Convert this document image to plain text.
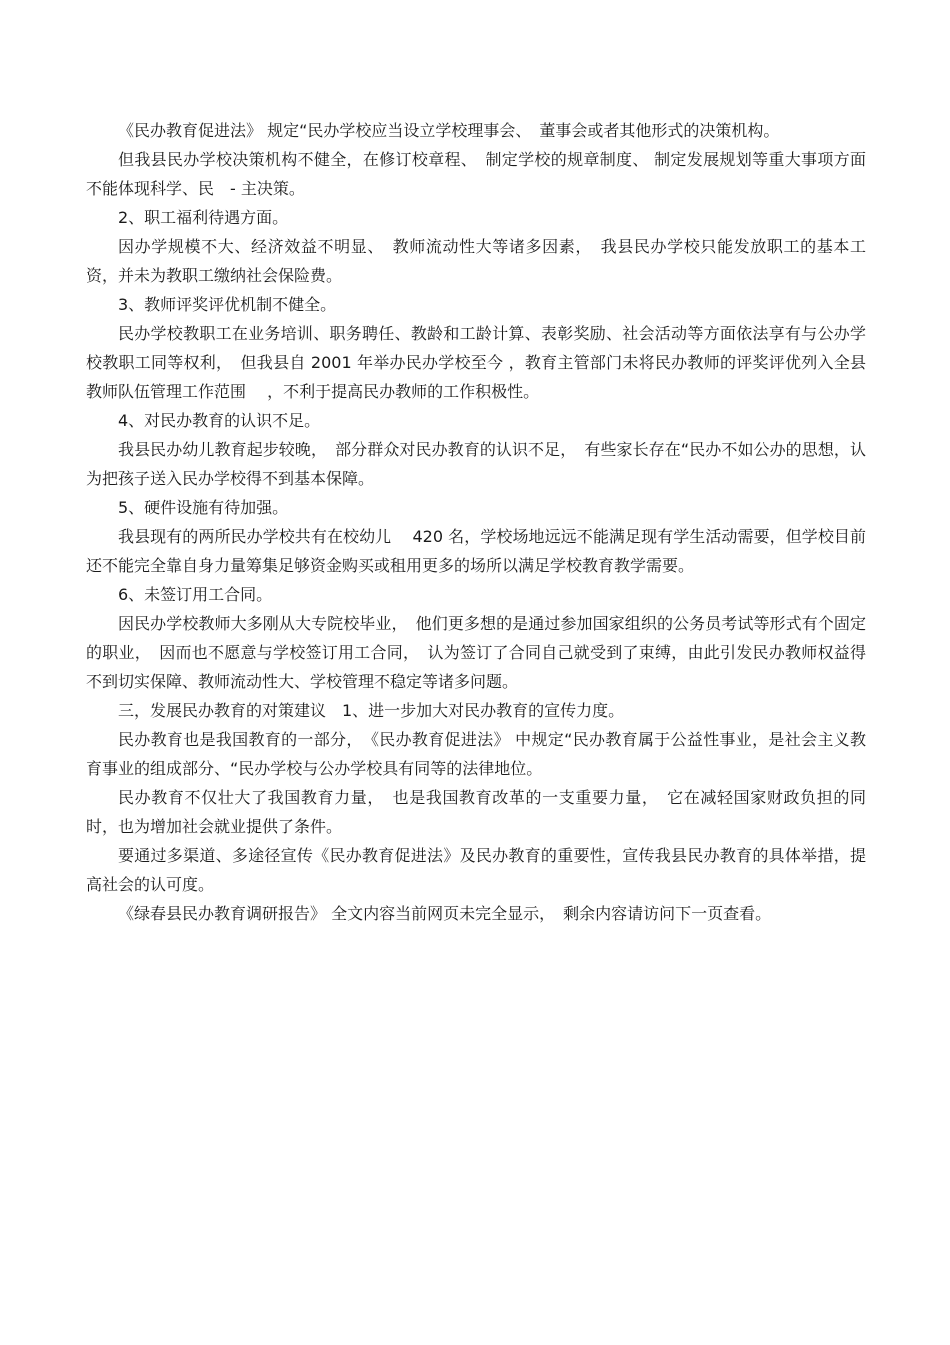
《民办教育促进法》 规定“民办学校应当设立学校理事会、　董事会或者其他形式的决策机构。

但我县民办学校决策机构不健全，在修订校章程、　制定学校的规章制度、 制定发展规划等重大事项方面不能体现科学、民　- 主决策。

2、职工福利待遇方面。

因办学规模不大、经济效益不明显、　教师流动性大等诸多因素，　我县民办学校只能发放职工的基本工资，并未为教职工缴纳社会保险费。

3、教师评奖评优机制不健全。

民办学校教职工在业务培训、职务聘任、教龄和工龄计算、表彰奖励、社会活动等方面依法享有与公办学校教职工同等权利，　但我县自 2001 年举办民办学校至今 ，教育主管部门未将民办教师的评奖评优列入全县教师队伍管理工作范围　 ，不利于提高民办教师的工作积极性。

4、对民办教育的认识不足。

我县民办幼儿教育起步较晚，　部分群众对民办教育的认识不足，　有些家长存在“民办不如公办的思想，认为把孩子送入民办学校得不到基本保障。

5、硬件设施有待加强。

我县现有的两所民办学校共有在校幼儿　 420 名，学校场地远远不能满足现有学生活动需要，但学校目前还不能完全靠自身力量筹集足够资金购买或租用更多的场所以满足学校教育教学需要。

6、未签订用工合同。

因民办学校教师大多刚从大专院校毕业，　他们更多想的是通过参加国家组织的公务员考试等形式有个固定的职业，　因而也不愿意与学校签订用工合同，　认为签订了合同自己就受到了束缚，由此引发民办教师权益得不到切实保障、教师流动性大、学校管理不稳定等诸多问题。

三，发展民办教育的对策建议　1、进一步加大对民办教育的宣传力度。

民办教育也是我国教育的一部分，　《民办教育促进法》 中规定“民办教育属于公益性事业，是社会主义教育事业的组成部分、“民办学校与公办学校具有同等的法律地位。

民办教育不仅壮大了我国教育力量，　也是我国教育改革的一支重要力量，　它在减轻国家财政负担的同时，也为增加社会就业提供了条件。

要通过多渠道、多途径宣传《民办教育促进法》及民办教育的重要性，宣传我县民办教育的具体举措，提高社会的认可度。

《绿春县民办教育调研报告》 全文内容当前网页未完全显示，　剩余内容请访问下一页查看。
